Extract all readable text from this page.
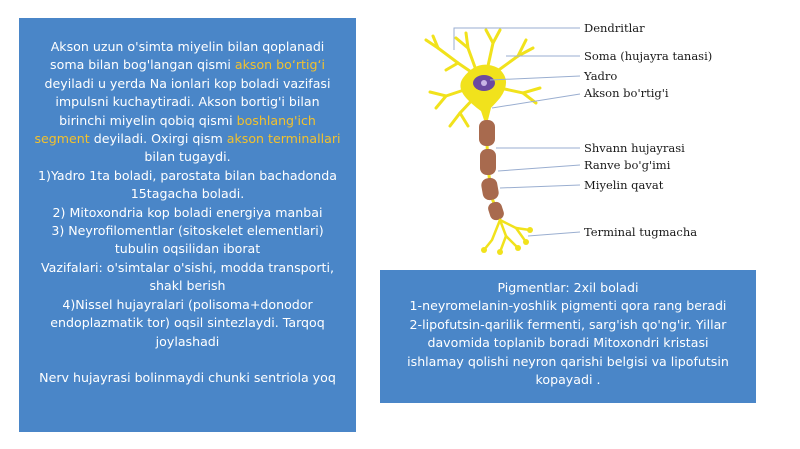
Akson uzun o'simta miyelin bilan qoplanadi

soma bilan bog'langan qismi akson boʻrtigʻi

deyiladi u yerda Na ionlari kop boladi vazifasi

impulsni kuchaytiradi. Akson bortig'i bilan

birinchi miyelin qobiq qismi boshlang'ich

segment deyiladi. Oxirgi qism akson terminallari

bilan tugaydi.

1)Yadro 1ta boladi, parostata bilan bachadonda

15tagacha boladi.

2) Mitoxondria kop boladi energiya manbai

3) Neyrofilomentlar (sitoskelet elementlari)

tubulin oqsilidan iborat

Vazifalari: o'simtalar o'sishi, modda transporti,

shakl berish

4)Nissel hujayralari (polisoma+donodor

endoplazmatik tor) oqsil sintezlaydi. Tarqoq

joylashadi

Nerv hujayrasi bolinmaydi chunki sentriola yoq

Dendritlar
Soma (hujayra tanasi)
Yadro
Akson bo'rtig'i
Shvann hujayrasi
Ranve bo'g'imi
Miyelin qavat
Terminal tugmacha

Pigmentlar: 2xil boladi

1-neyromelanin-yoshlik pigmenti qora rang beradi

2-lipofutsin-qarilik fermenti, sarg'ish qo'ng'ir. Yillar

davomida toplanib boradi Mitoxondri kristasi

ishlamay qolishi neyron qarishi belgisi va lipofutsin

kopayadi .
